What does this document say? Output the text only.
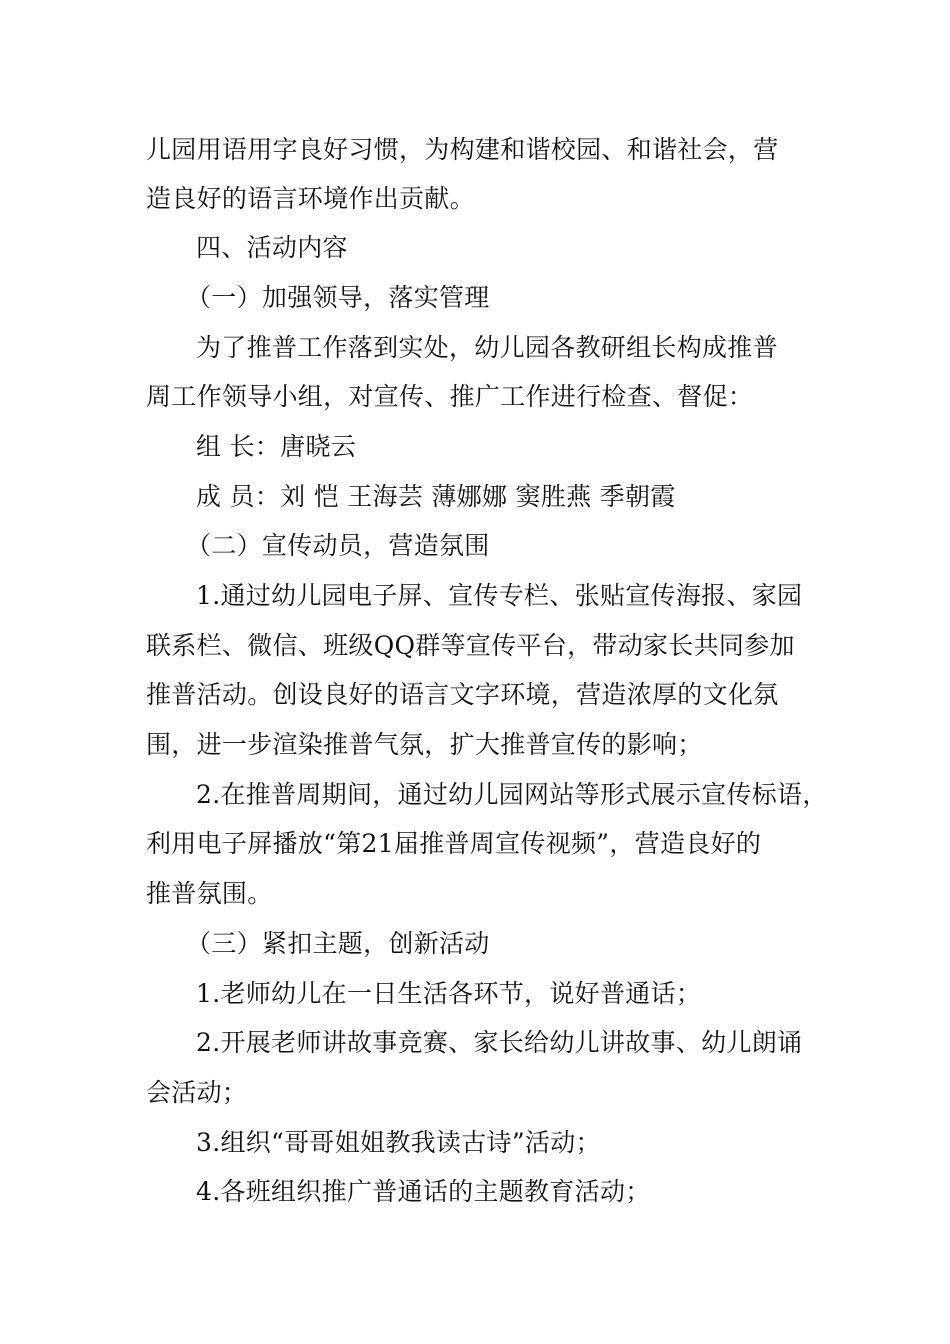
儿园用语用字良好习惯，为构建和谐校园、和谐社会，营
造良好的语言环境作出贡献。
四、活动内容
（一）加强领导，落实管理
为了推普工作落到实处，幼儿园各教研组长构成推普
周工作领导小组，对宣传、推广工作进行检查、督促：
组 长：唐晓云
成 员：刘 恺 王海芸 薄娜娜 窦胜燕 季朝霞
（二）宣传动员，营造氛围
1.通过幼儿园电子屏、宣传专栏、张贴宣传海报、家园
联系栏、微信、班级QQ群等宣传平台，带动家长共同参加
推普活动。创设良好的语言文字环境，营造浓厚的文化氛
围，进一步渲染推普气氛，扩大推普宣传的影响；
2.在推普周期间，通过幼儿园网站等形式展示宣传标语，
利用电子屏播放“第21届推普周宣传视频”，营造良好的
推普氛围。
（三）紧扣主题，创新活动
1.老师幼儿在一日生活各环节，说好普通话；
2.开展老师讲故事竞赛、家长给幼儿讲故事、幼儿朗诵
会活动；
3.组织“哥哥姐姐教我读古诗”活动；
4.各班组织推广普通话的主题教育活动；
